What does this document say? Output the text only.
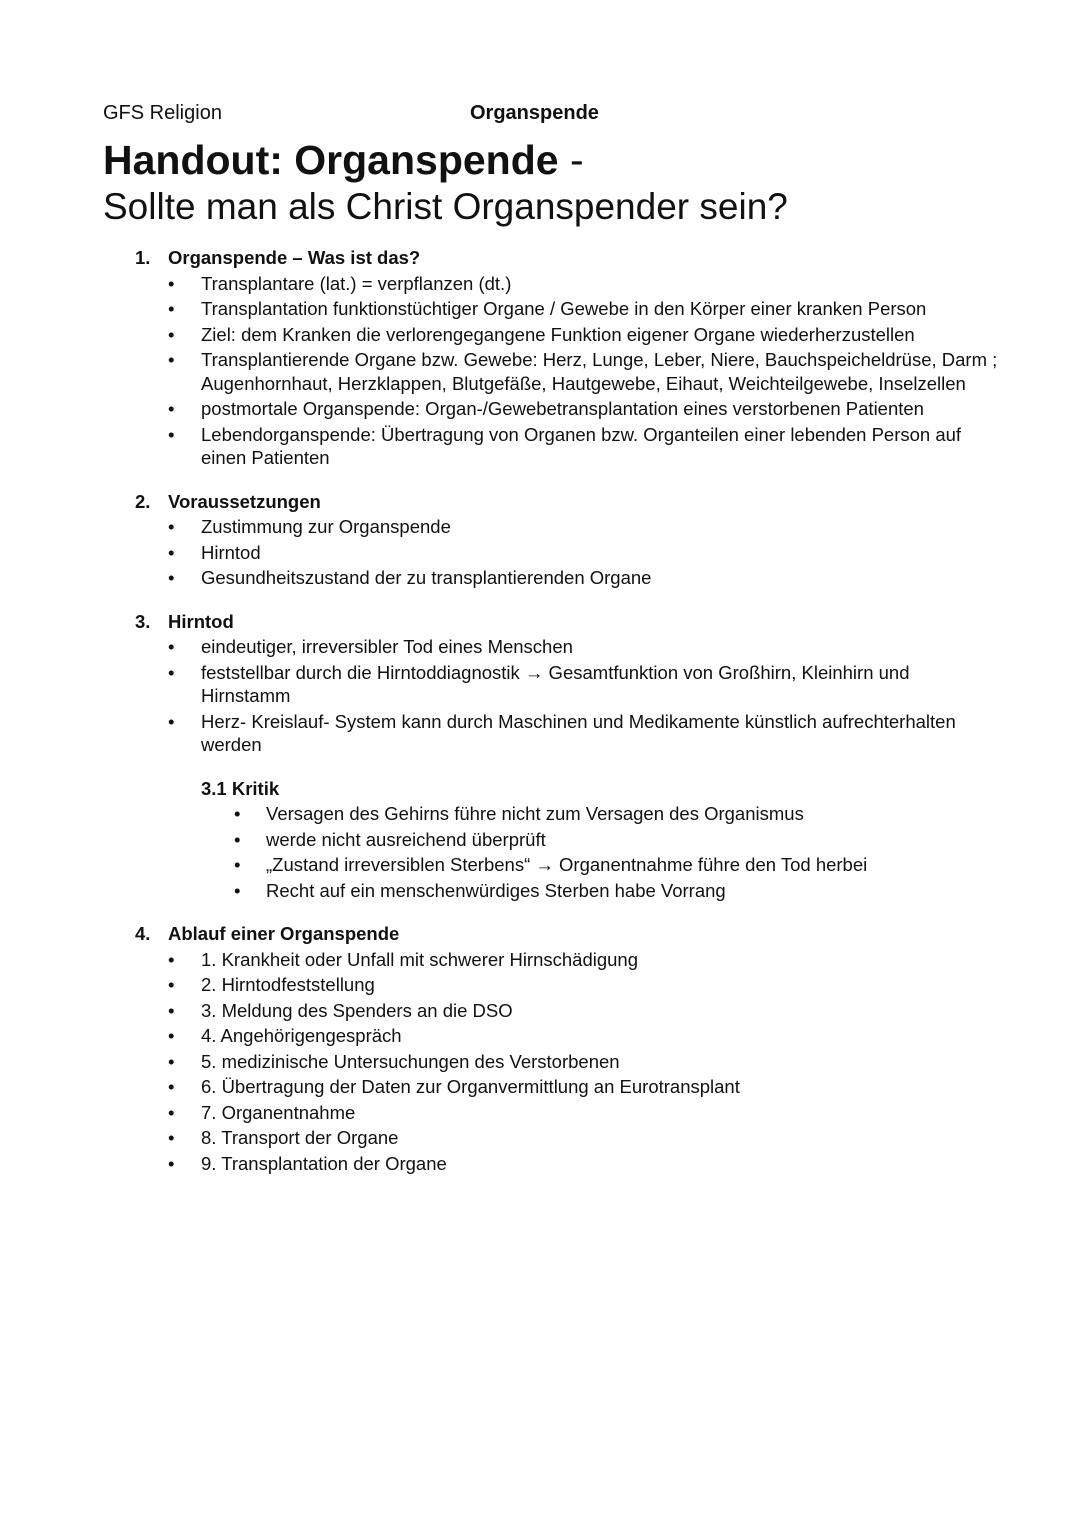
GFS Religion	Organspende
Handout: Organspende -
Sollte man als Christ Organspender sein?
1. Organspende – Was ist das?
• Transplantare (lat.) = verpflanzen (dt.)
• Transplantation funktionstüchtiger Organe / Gewebe in den Körper einer kranken Person
• Ziel: dem Kranken die verlorengegangene Funktion eigener Organe wiederherzustellen
• Transplantierende Organe bzw. Gewebe: Herz, Lunge, Leber, Niere, Bauchspeicheldrüse, Darm ; Augenhornhaut, Herzklappen, Blutgefäße, Hautgewebe, Eihaut, Weichteilgewebe, Inselzellen
• postmortale Organspende: Organ-/Gewebetransplantation eines verstorbenen Patienten
• Lebendorganspende: Übertragung von Organen bzw. Organteilen einer lebenden Person auf einen Patienten
2. Voraussetzungen
• Zustimmung zur Organspende
• Hirntod
• Gesundheitszustand der zu transplantierenden Organe
3. Hirntod
• eindeutiger, irreversibler Tod eines Menschen
• feststellbar durch die Hirntoddiagnostik → Gesamtfunktion von Großhirn, Kleinhirn und Hirnstamm
• Herz- Kreislauf- System kann durch Maschinen und Medikamente künstlich aufrechterhalten werden
3.1 Kritik
• Versagen des Gehirns führe nicht zum Versagen des Organismus
• werde nicht ausreichend überprüft
• „Zustand irreversiblen Sterbens“ → Organentnahme führe den Tod herbei
• Recht auf ein menschenwürdiges Sterben habe Vorrang
4. Ablauf einer Organspende
• 1. Krankheit oder Unfall mit schwerer Hirnschädigung
• 2. Hirntodfeststellung
• 3. Meldung des Spenders an die DSO
• 4. Angehörigengespräch
• 5. medizinische Untersuchungen des Verstorbenen
• 6. Übertragung der Daten zur Organvermittlung an Eurotransplant
• 7. Organentnahme
• 8. Transport der Organe
• 9. Transplantation der Organe
